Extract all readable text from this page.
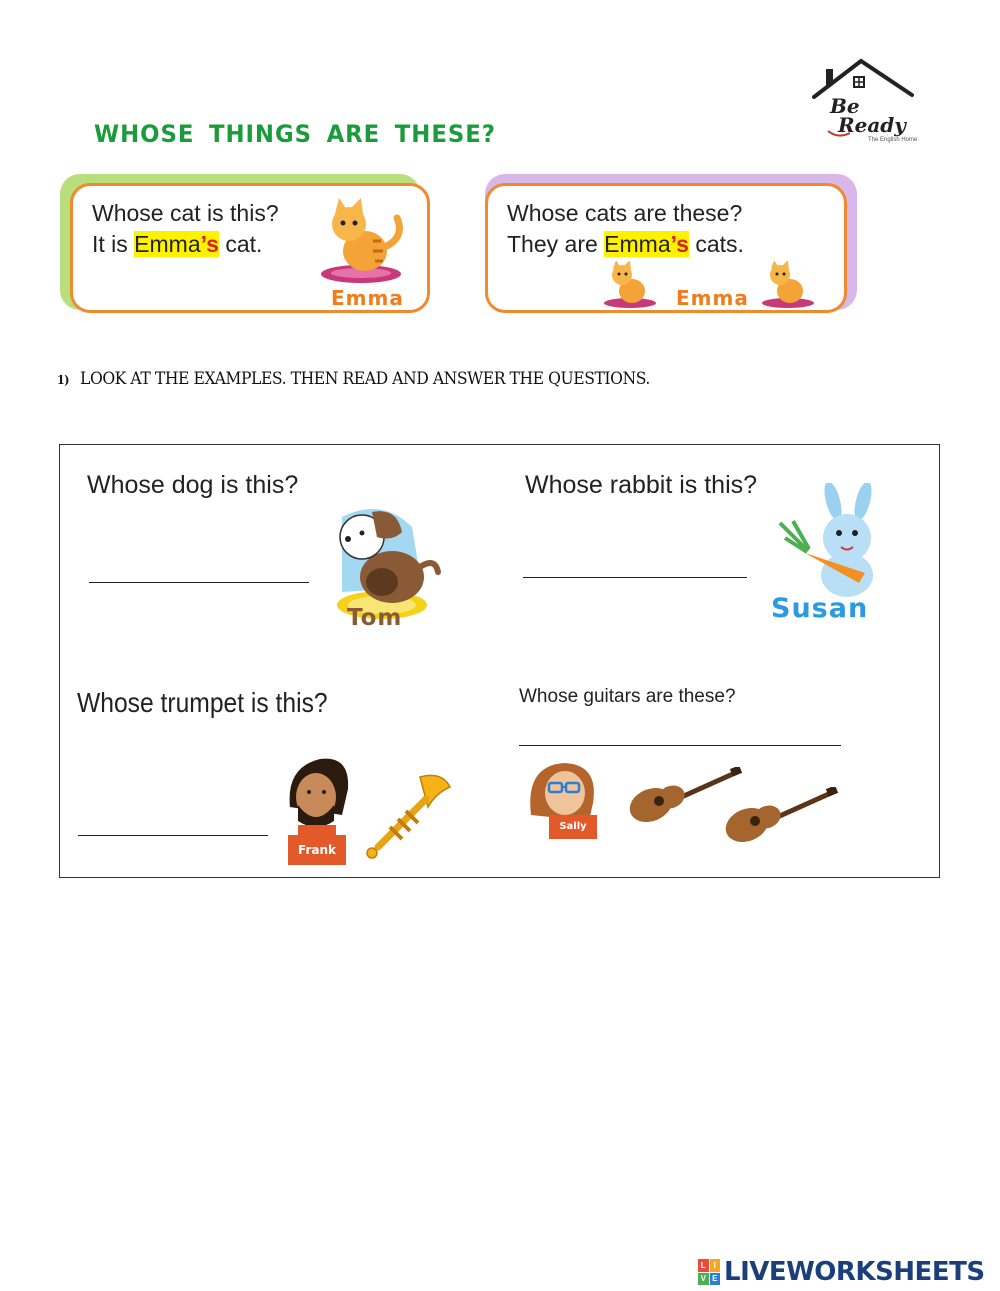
Be
Ready
The English Home
WHOSE THINGS ARE THESE?
Whose cat is this?
It is Emma’s cat.
Emma
Whose cats are these?
They are Emma’s cats.
Emma
1) LOOK AT THE EXAMPLES. THEN READ AND ANSWER THE QUESTIONS.
Whose dog is this?
Tom
Whose rabbit is this?
Susan
Whose trumpet is this?
Frank
Whose guitars are these?
Sally
L I
V E LIVEWORKSHEETS
